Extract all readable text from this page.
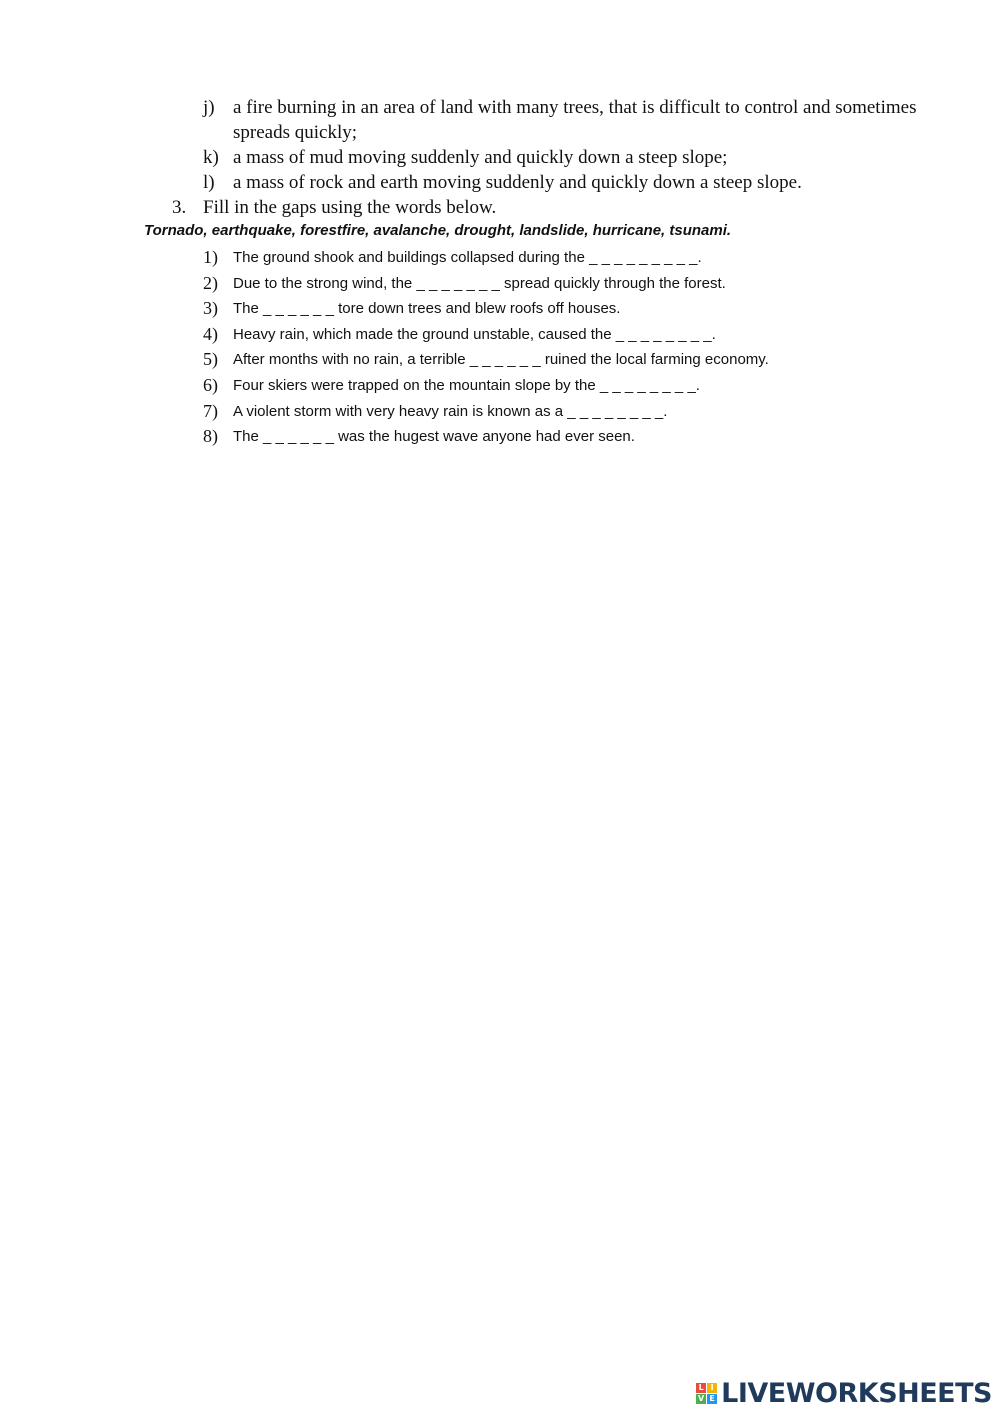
j) a fire burning in an area of land with many trees, that is difficult to control and sometimes spreads quickly;
k) a mass of mud moving suddenly and quickly down a steep slope;
l) a mass of rock and earth moving suddenly and quickly down a steep slope.
3. Fill in the gaps using the words below.
Tornado, earthquake, forestfire, avalanche, drought, landslide, hurricane, tsunami.
1) The ground shook and buildings collapsed during the _ _ _ _ _ _ _ _ _.
2) Due to the strong wind, the _ _ _ _ _ _ _ spread quickly through the forest.
3) The _ _ _ _ _ _ tore down trees and blew roofs off houses.
4) Heavy rain, which made the ground unstable, caused the _ _ _ _ _ _ _ _.
5) After months with no rain, a terrible _ _ _ _ _ _ ruined the local farming economy.
6) Four skiers were trapped on the mountain slope by the _ _ _ _ _ _ _ _.
7) A violent storm with very heavy rain is known as a _ _ _ _ _ _ _ _.
8) The _ _ _ _ _ _ was the hugest wave anyone had ever seen.
L I
V E LIVEWORKSHEETS
